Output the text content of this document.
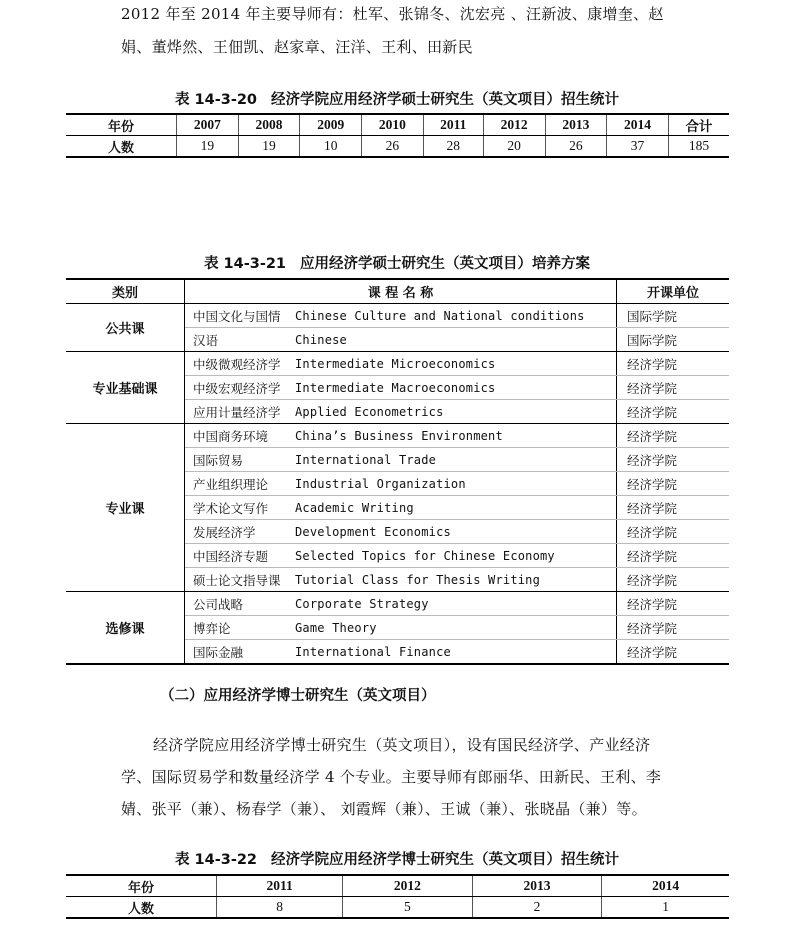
2012 年至 2014 年主要导师有：杜军、张锦冬、沈宏亮 、汪新波、康增奎、赵
娟、董烨然、王佃凯、赵家章、汪洋、王利、田新民
表 14-3-20 经济学院应用经济学硕士研究生（英文项目）招生统计
年份	2007	2008	2009	2010	2011	2012	2013	2014	合计
人数	19	19	10	26	28	20	26	37	185
表 14-3-21 应用经济学硕士研究生（英文项目）培养方案
类别	课 程 名 称		开课单位
公共课	中国文化与国情	Chinese Culture and National conditions	国际学院
	汉语	Chinese	国际学院
专业基础课	中级微观经济学	Intermediate Microeconomics	经济学院
	中级宏观经济学	Intermediate Macroeconomics	经济学院
	应用计量经济学	Applied Econometrics	经济学院
专业课	中国商务环境	China’s Business Environment	经济学院
	国际贸易	International Trade	经济学院
	产业组织理论	Industrial Organization	经济学院
	学术论文写作	Academic Writing	经济学院
	发展经济学	Development Economics	经济学院
	中国经济专题	Selected Topics for Chinese Economy	经济学院
	硕士论文指导课	Tutorial Class for Thesis Writing	经济学院
选修课	公司战略	Corporate Strategy	经济学院
	博弈论	Game Theory	经济学院
	国际金融	International Finance	经济学院
（二）应用经济学博士研究生（英文项目）
经济学院应用经济学博士研究生（英文项目），设有国民经济学、产业经济
学、国际贸易学和数量经济学 4 个专业。主要导师有郎丽华、田新民、王利、李
婧、张平（兼）、杨春学（兼）、 刘霞辉（兼）、王诚（兼）、张晓晶（兼）等。
表 14-3-22 经济学院应用经济学博士研究生（英文项目）招生统计
年份	2011	2012	2013	2014
人数	8	5	2	1
